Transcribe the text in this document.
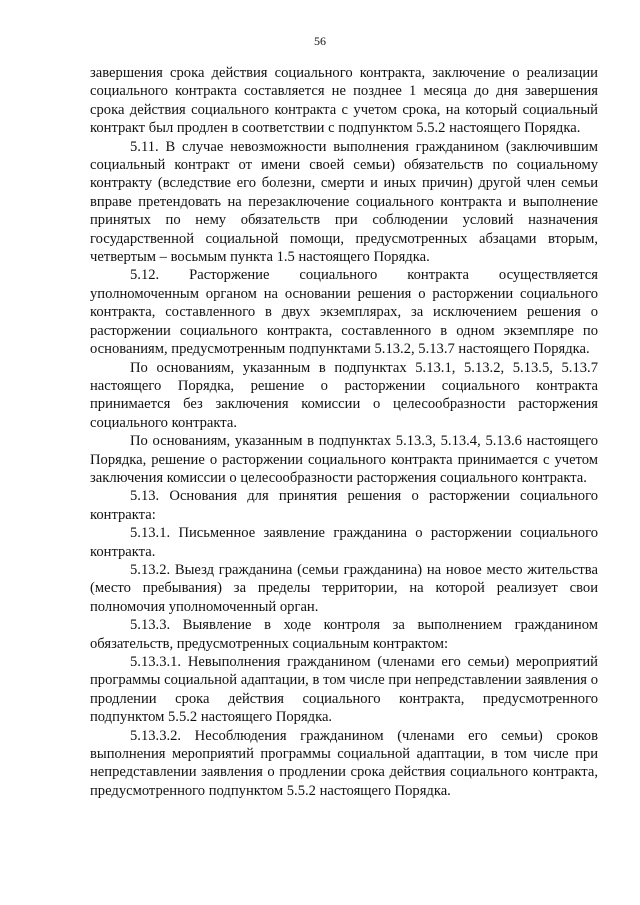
56

завершения срока действия социального контракта, заключение о реализации социального контракта составляется не позднее 1 месяца до дня завершения срока действия социального контракта с учетом срока, на который социальный контракт был продлен в соответствии с подпунктом 5.5.2 настоящего Порядка.

5.11. В случае невозможности выполнения гражданином (заключившим социальный контракт от имени своей семьи) обязательств по социальному контракту (вследствие его болезни, смерти и иных причин) другой член семьи вправе претендовать на перезаключение социального контракта и выполнение принятых по нему обязательств при соблюдении условий назначения государственной социальной помощи, предусмотренных абзацами вторым, четвертым – восьмым пункта 1.5 настоящего Порядка.

5.12. Расторжение социального контракта осуществляется уполномоченным органом на основании решения о расторжении социального контракта, составленного в двух экземплярах, за исключением решения о расторжении социального контракта, составленного в одном экземпляре по основаниям, предусмотренным подпунктами 5.13.2, 5.13.7 настоящего Порядка.

По основаниям, указанным в подпунктах 5.13.1, 5.13.2, 5.13.5, 5.13.7 настоящего Порядка, решение о расторжении социального контракта принимается без заключения комиссии о целесообразности расторжения социального контракта.

По основаниям, указанным в подпунктах 5.13.3, 5.13.4, 5.13.6 настоящего Порядка, решение о расторжении социального контракта принимается с учетом заключения комиссии о целесообразности расторжения социального контракта.

5.13. Основания для принятия решения о расторжении социального контракта:

5.13.1. Письменное заявление гражданина о расторжении социального контракта.

5.13.2. Выезд гражданина (семьи гражданина) на новое место жительства (место пребывания) за пределы территории, на которой реализует свои полномочия уполномоченный орган.

5.13.3. Выявление в ходе контроля за выполнением гражданином обязательств, предусмотренных социальным контрактом:

5.13.3.1. Невыполнения гражданином (членами его семьи) мероприятий программы социальной адаптации, в том числе при непредставлении заявления о продлении срока действия социального контракта, предусмотренного подпунктом 5.5.2 настоящего Порядка.

5.13.3.2. Несоблюдения гражданином (членами его семьи) сроков выполнения мероприятий программы социальной адаптации, в том числе при непредставлении заявления о продлении срока действия социального контракта, предусмотренного подпунктом 5.5.2 настоящего Порядка.
